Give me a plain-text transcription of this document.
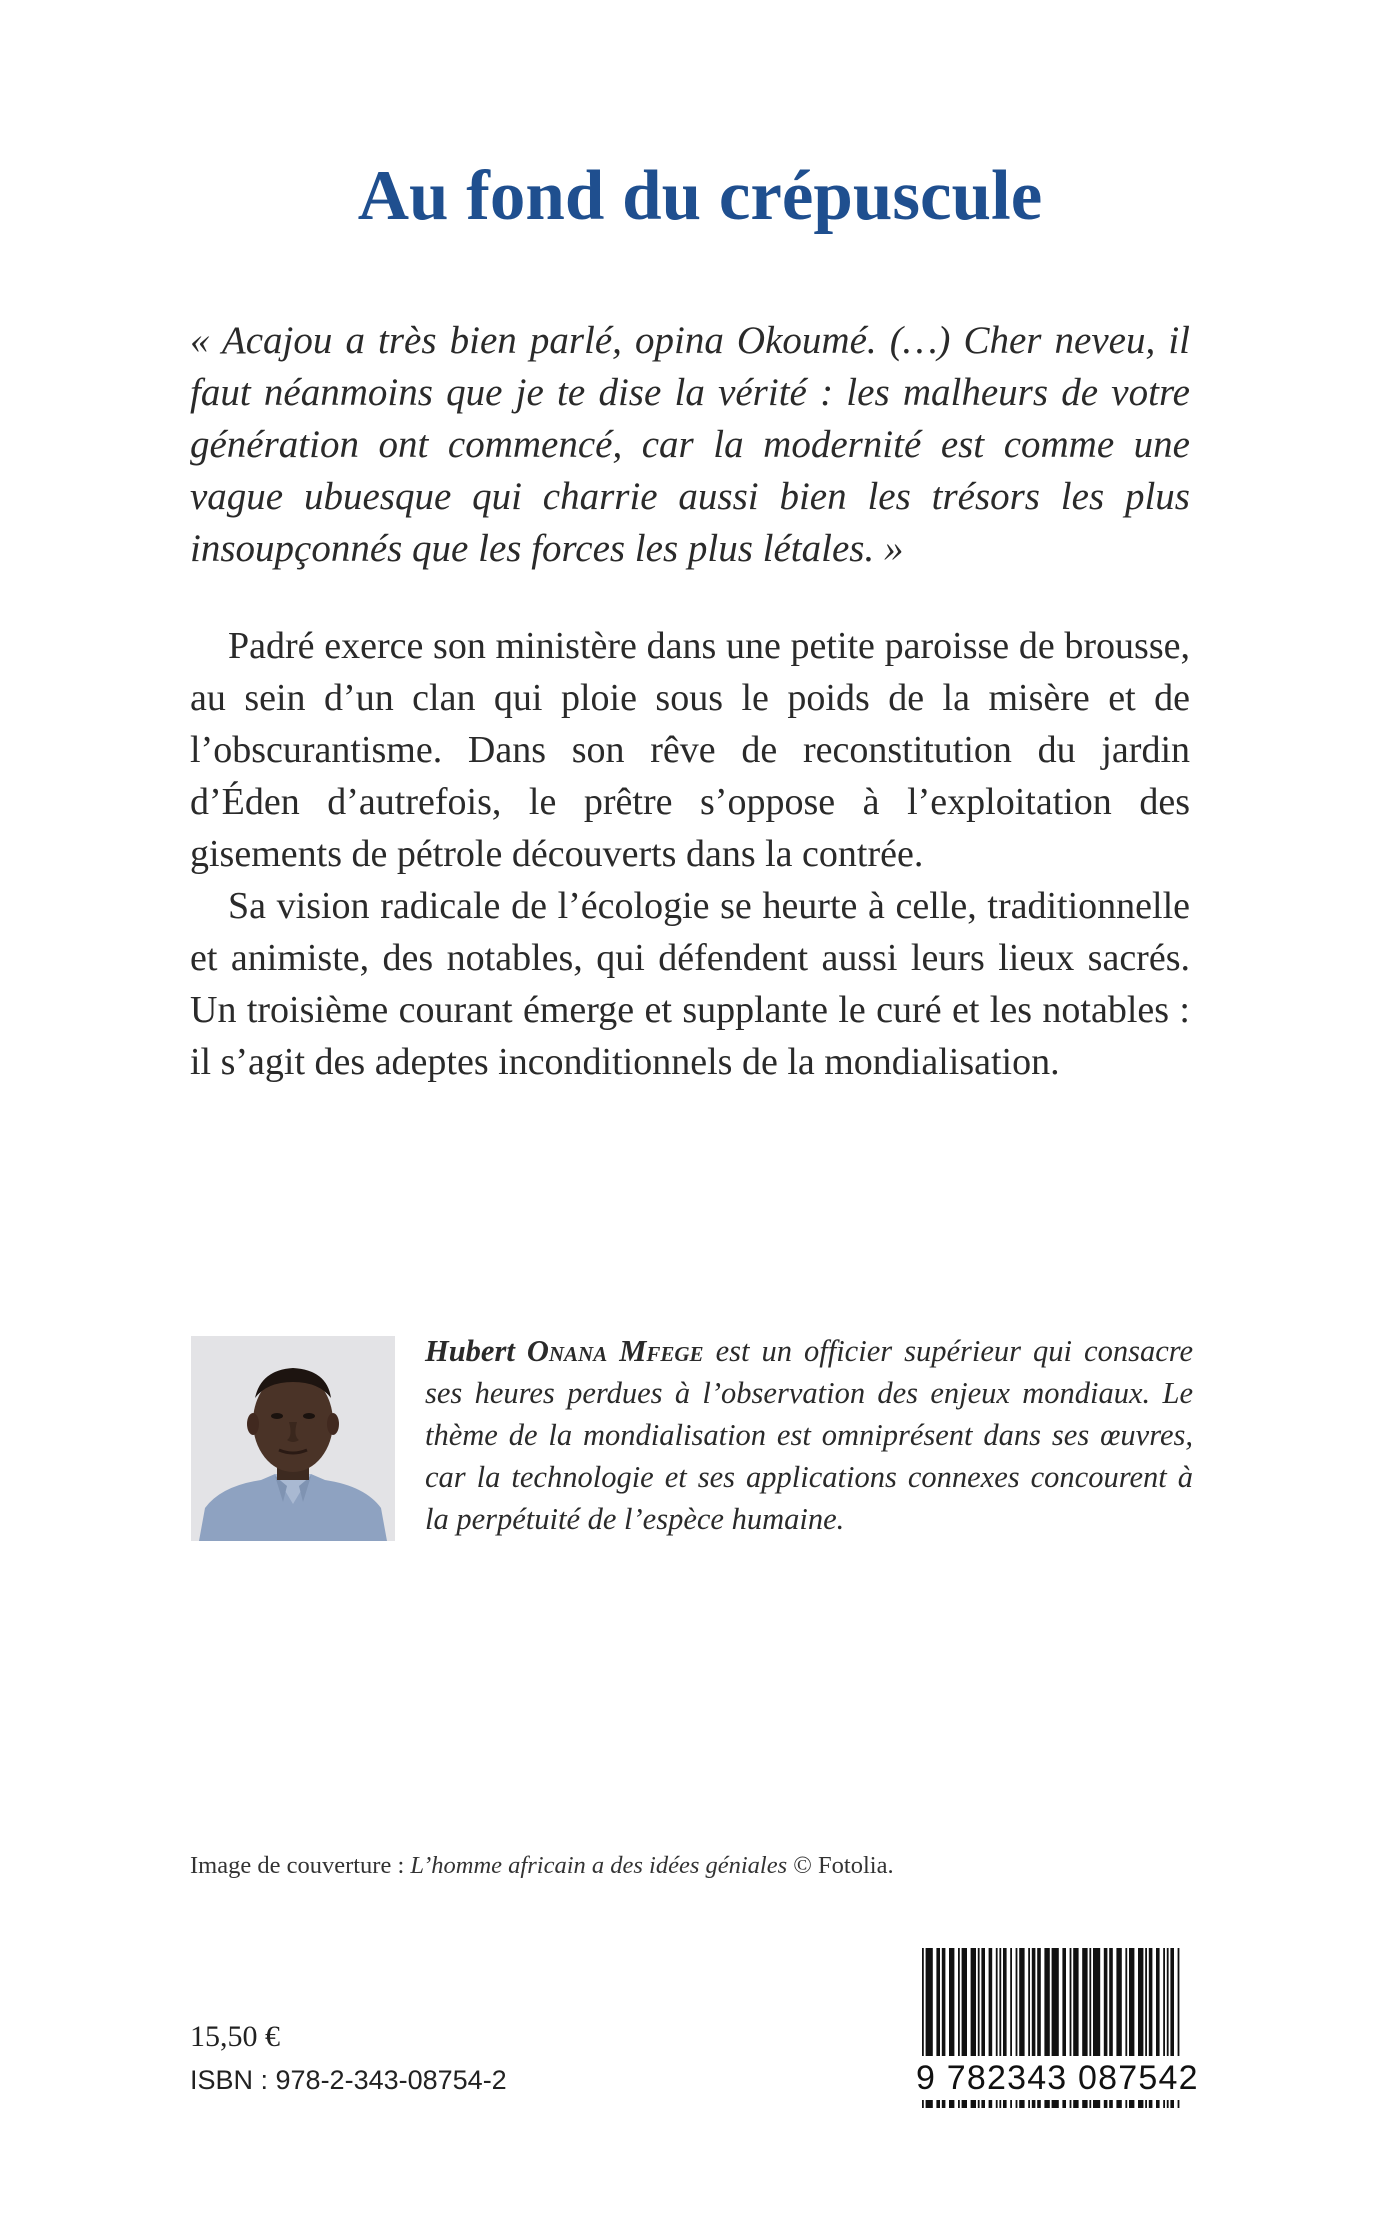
Au fond du crépuscule

« Acajou a très bien parlé, opina Okoumé. (…) Cher neveu, il faut néanmoins que je te dise la vérité : les malheurs de votre génération ont commencé, car la modernité est comme une vague ubuesque qui charrie aussi bien les trésors les plus insoupçonnés que les forces les plus létales. »

Padré exerce son ministère dans une petite paroisse de brousse, au sein d’un clan qui ploie sous le poids de la misère et de l’obscurantisme. Dans son rêve de reconstitution du jardin d’Éden d’autrefois, le prêtre s’oppose à l’exploitation des gisements de pétrole découverts dans la contrée.

Sa vision radicale de l’écologie se heurte à celle, traditionnelle et animiste, des notables, qui défendent aussi leurs lieux sacrés. Un troisième courant émerge et supplante le curé et les notables : il s’agit des adeptes inconditionnels de la mondialisation.

Hubert Onana Mfege est un officier supérieur qui consacre ses heures perdues à l’observation des enjeux mondiaux. Le thème de la mondialisation est omniprésent dans ses œuvres, car la technologie et ses applications connexes concourent à la perpétuité de l’espèce humaine.

Image de couverture : L’homme africain a des idées géniales © Fotolia.
15,50 €
ISBN : 978-2-343-08754-2	9 782343 087542
